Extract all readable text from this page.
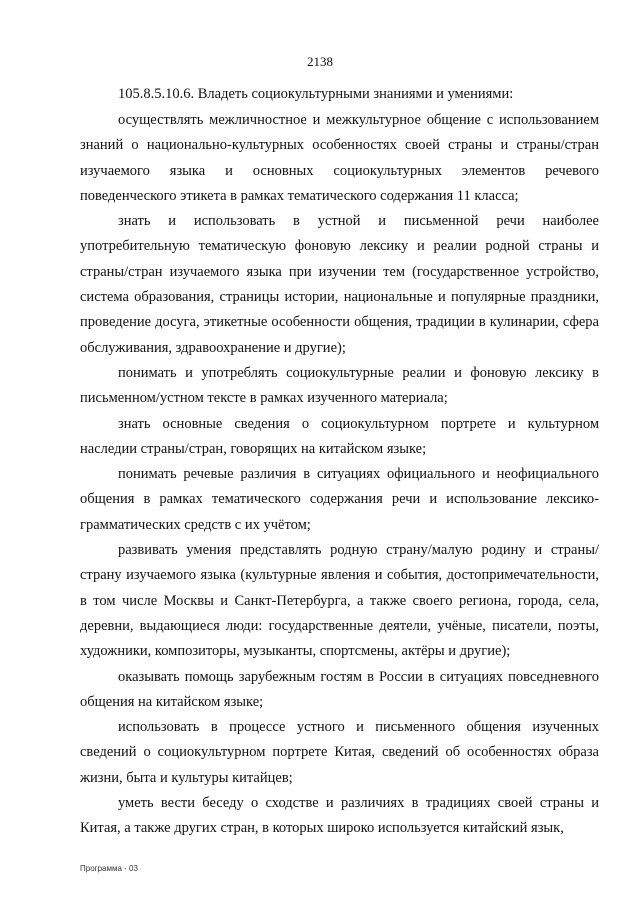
2138
105.8.5.10.6. Владеть социокультурными знаниями и умениями:

осуществлять межличностное и межкультурное общение с использованием знаний о национально-культурных особенностях своей страны и страны/стран изучаемого языка и основных социокультурных элементов речевого поведенческого этикета в рамках тематического содержания 11 класса;

знать и использовать в устной и письменной речи наиболее употребительную тематическую фоновую лексику и реалии родной страны и страны/стран изучаемого языка при изучении тем (государственное устройство, система образования, страницы истории, национальные и популярные праздники, проведение досуга, этикетные особенности общения, традиции в кулинарии, сфера обслуживания, здравоохранение и другие);

понимать и употреблять социокультурные реалии и фоновую лексику в письменном/устном тексте в рамках изученного материала;

знать основные сведения о социокультурном портрете и культурном наследии страны/стран, говорящих на китайском языке;

понимать речевые различия в ситуациях официального и неофициального общения в рамках тематического содержания речи и использование лексико-грамматических средств с их учётом;

развивать умения представлять родную страну/малую родину и страны/страну изучаемого языка (культурные явления и события, достопримечательности, в том числе Москвы и Санкт-Петербурга, а также своего региона, города, села, деревни, выдающиеся люди: государственные деятели, учёные, писатели, поэты, художники, композиторы, музыканты, спортсмены, актёры и другие);

оказывать помощь зарубежным гостям в России в ситуациях повседневного общения на китайском языке;

использовать в процессе устного и письменного общения изученных сведений о социокультурном портрете Китая, сведений об особенностях образа жизни, быта и культуры китайцев;

уметь вести беседу о сходстве и различиях в традициях своей страны и Китая, а также других стран, в которых широко используется китайский язык,

Программа - 03
